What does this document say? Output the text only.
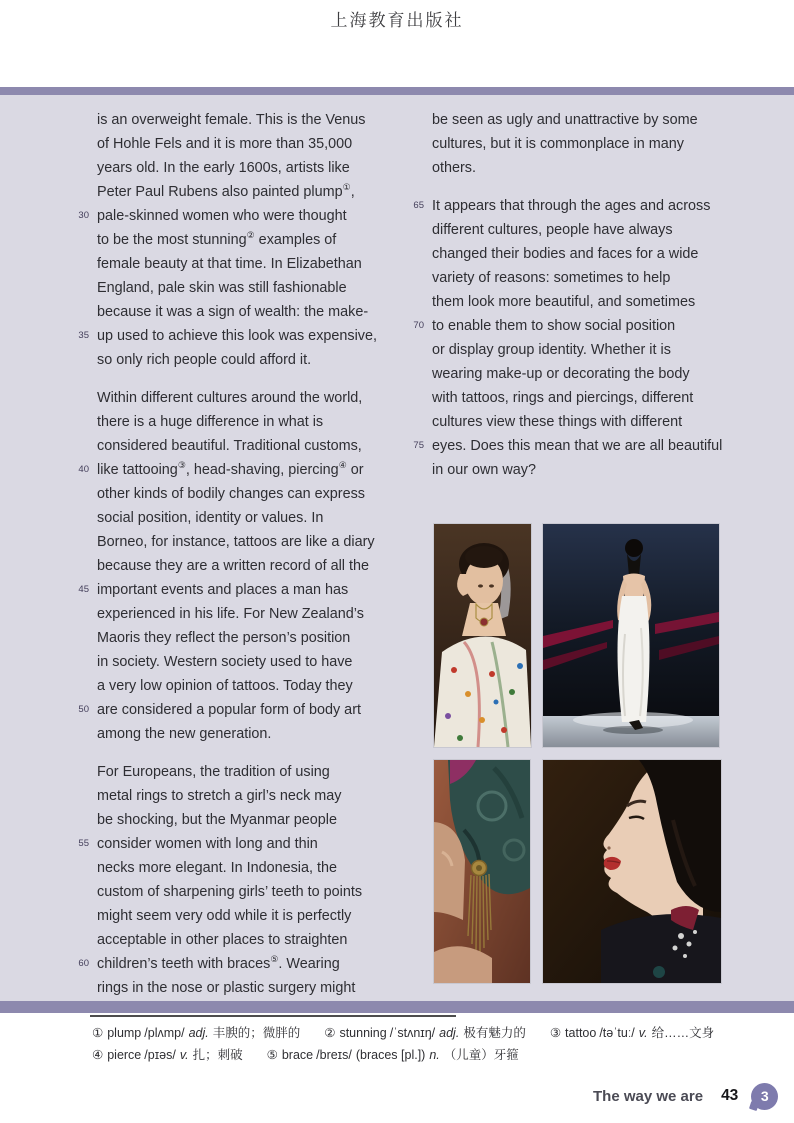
上海教育出版社
is an overweight female. This is the Venus
of Hohle Fels and it is more than 35,000
years old. In the early 1600s, artists like
Peter Paul Rubens also painted plump①,
30 pale-skinned women who were thought
to be the most stunning② examples of
female beauty at that time. In Elizabethan
England, pale skin was still fashionable
because it was a sign of wealth: the make-
35 up used to achieve this look was expensive,
so only rich people could afford it.
Within different cultures around the world,
there is a huge difference in what is
considered beautiful. Traditional customs,
40 like tattooing③, head-shaving, piercing④ or
other kinds of bodily changes can express
social position, identity or values. In
Borneo, for instance, tattoos are like a diary
because they are a written record of all the
45 important events and places a man has
experienced in his life. For New Zealand’s
Maoris they reflect the person’s position
in society. Western society used to have
a very low opinion of tattoos. Today they
50 are considered a popular form of body art
among the new generation.
For Europeans, the tradition of using
metal rings to stretch a girl’s neck may
be shocking, but the Myanmar people
55 consider women with long and thin
necks more elegant. In Indonesia, the
custom of sharpening girls’ teeth to points
might seem very odd while it is perfectly
acceptable in other places to straighten
60 children’s teeth with braces⑤. Wearing
rings in the nose or plastic surgery might
be seen as ugly and unattractive by some
cultures, but it is commonplace in many
others.
65 It appears that through the ages and across
different cultures, people have always
changed their bodies and faces for a wide
variety of reasons: sometimes to help
them look more beautiful, and sometimes
70 to enable them to show social position
or display group identity. Whether it is
wearing make-up or decorating the body
with tattoos, rings and piercings, different
cultures view these things with different
75 eyes. Does this mean that we are all beautiful
in our own way?
① plump /plʌmp/ adj. 丰腴的；微胖的 ② stunning /ˈstʌnɪŋ/ adj. 极有魅力的 ③ tattoo /təˈtuː/ v. 给……文身
④ pierce /pɪəs/ v. 扎；刺破 ⑤ brace /breɪs/ (braces [pl.]) n. （儿童）牙箍
The way we are 43 3
